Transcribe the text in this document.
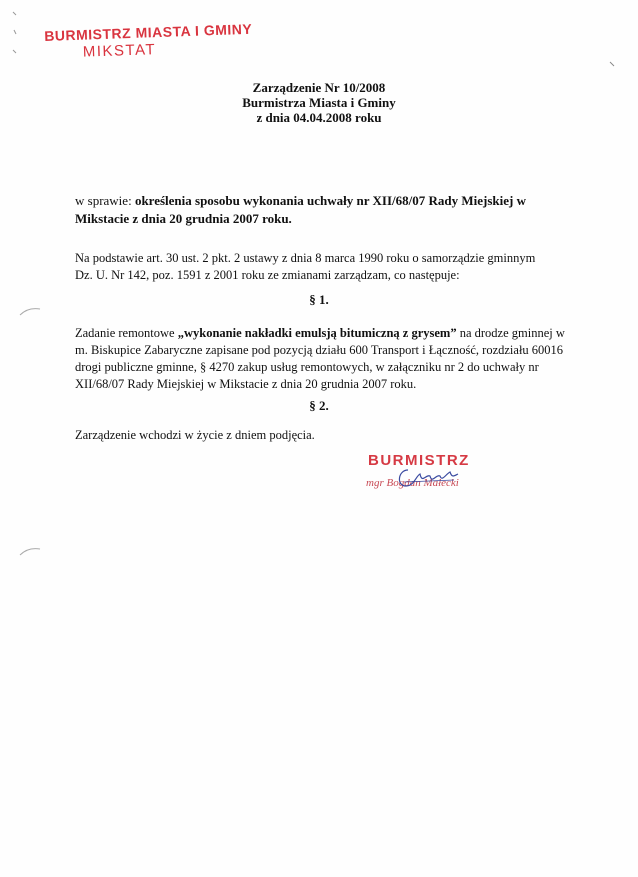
BURMISTRZ MIASTA I GMINY
MIKSTAT
Zarządzenie Nr 10/2008
Burmistrza Miasta i Gminy
z dnia 04.04.2008 roku
w sprawie: określenia sposobu wykonania uchwały nr XII/68/07 Rady Miejskiej w Mikstacie z dnia 20 grudnia 2007 roku.
Na podstawie art. 30 ust. 2 pkt. 2 ustawy z dnia 8 marca 1990 roku o samorządzie gminnym Dz. U. Nr 142, poz. 1591 z 2001 roku ze zmianami zarządzam, co następuje:
§ 1.
Zadanie remontowe „wykonanie nakładki emulsją bitumiczną z grysem” na drodze gminnej w m. Biskupice Zabaryczne zapisane pod pozycją działu 600 Transport i Łączność, rozdziału 60016 drogi publiczne gminne, § 4270 zakup usług remontowych, w załączniku nr 2 do uchwały nr XII/68/07 Rady Miejskiej w Mikstacie z dnia 20 grudnia 2007 roku.
§ 2.
Zarządzenie wchodzi w życie z dniem podjęcia.
BURMISTRZ
mgr Bogdan Małecki
